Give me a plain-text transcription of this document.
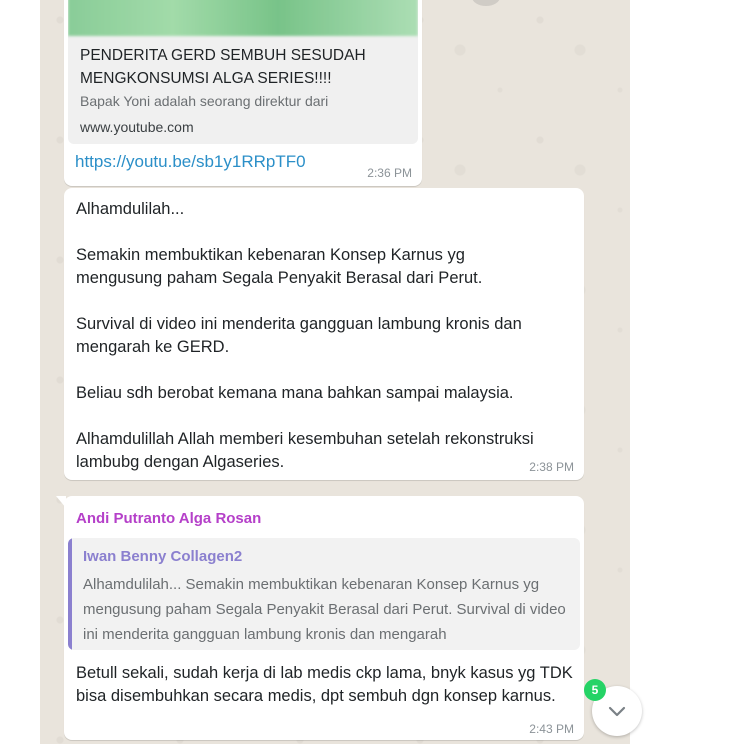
PENDERITA GERD SEMBUH SESUDAH MENGKONSUMSI ALGA SERIES!!!!
Bapak Yoni adalah seorang direktur dari
www.youtube.com
https://youtu.be/sb1y1RRpTF0
2:36 PM
Alhamdulilah...

Semakin membuktikan kebenaran Konsep Karnus yg
mengusung paham Segala Penyakit Berasal dari Perut.

Survival di video ini menderita gangguan lambung kronis dan
mengarah ke GERD.

Beliau sdh berobat kemana mana bahkan sampai malaysia.

Alhamdulillah Allah memberi kesembuhan setelah rekonstruksi
lambubg dengan Algaseries.	2:38 PM
Andi Putranto Alga Rosan
Iwan Benny Collagen2
Alhamdulilah... Semakin membuktikan kebenaran Konsep Karnus yg mengusung paham Segala Penyakit Berasal dari Perut. Survival di video ini menderita gangguan lambung kronis dan mengarah
Betull sekali, sudah kerja di lab medis ckp lama, bnyk kasus yg TDK bisa disembuhkan secara medis, dpt sembuh dgn konsep karnus.
2:43 PM
5
